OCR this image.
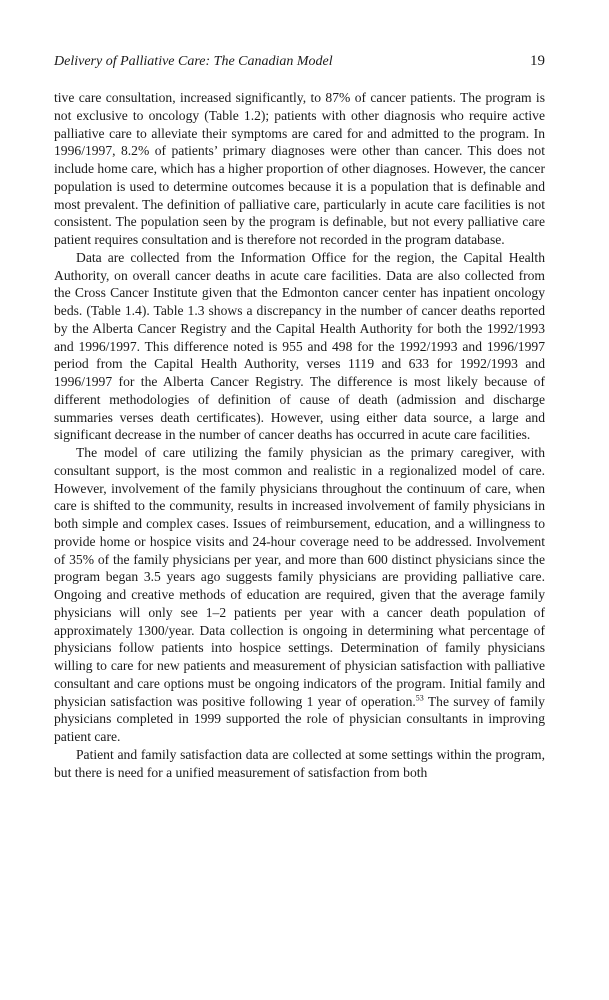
Delivery of Palliative Care: The Canadian Model	19

tive care consultation, increased significantly, to 87% of cancer patients. The program is not exclusive to oncology (Table 1.2); patients with other diagnosis who require active palliative care to alleviate their symptoms are cared for and admitted to the program. In 1996/1997, 8.2% of patients’ primary diagnoses were other than cancer. This does not include home care, which has a higher proportion of other diagnoses. However, the cancer population is used to determine outcomes because it is a population that is definable and most prevalent. The definition of palliative care, particularly in acute care facilities is not consistent. The population seen by the program is definable, but not every palliative care patient requires consultation and is therefore not recorded in the program database.

Data are collected from the Information Office for the region, the Capital Health Authority, on overall cancer deaths in acute care facilities. Data are also collected from the Cross Cancer Institute given that the Edmonton cancer center has inpatient oncology beds. (Table 1.4). Table 1.3 shows a discrepancy in the number of cancer deaths reported by the Alberta Cancer Registry and the Capital Health Authority for both the 1992/1993 and 1996/1997. This difference noted is 955 and 498 for the 1992/1993 and 1996/1997 period from the Capital Health Authority, verses 1119 and 633 for 1992/1993 and 1996/1997 for the Alberta Cancer Registry. The difference is most likely because of different methodologies of definition of cause of death (admission and discharge summaries verses death certificates). However, using either data source, a large and significant decrease in the number of cancer deaths has occurred in acute care facilities.

The model of care utilizing the family physician as the primary caregiver, with consultant support, is the most common and realistic in a regionalized model of care. However, involvement of the family physicians throughout the continuum of care, when care is shifted to the community, results in increased involvement of family physicians in both simple and complex cases. Issues of reimbursement, education, and a willingness to provide home or hospice visits and 24-hour coverage need to be addressed. Involvement of 35% of the family physicians per year, and more than 600 distinct physicians since the program began 3.5 years ago suggests family physicians are providing palliative care. Ongoing and creative methods of education are required, given that the average family physicians will only see 1–2 patients per year with a cancer death population of approximately 1300/year. Data collection is ongoing in determining what percentage of physicians follow patients into hospice settings. Determination of family physicians willing to care for new patients and measurement of physician satisfaction with palliative consultant and care options must be ongoing indicators of the program. Initial family and physician satisfaction was positive following 1 year of operation.$^{53}$ The survey of family physicians completed in 1999 supported the role of physician consultants in improving patient care.

Patient and family satisfaction data are collected at some settings within the program, but there is need for a unified measurement of satisfaction from both
